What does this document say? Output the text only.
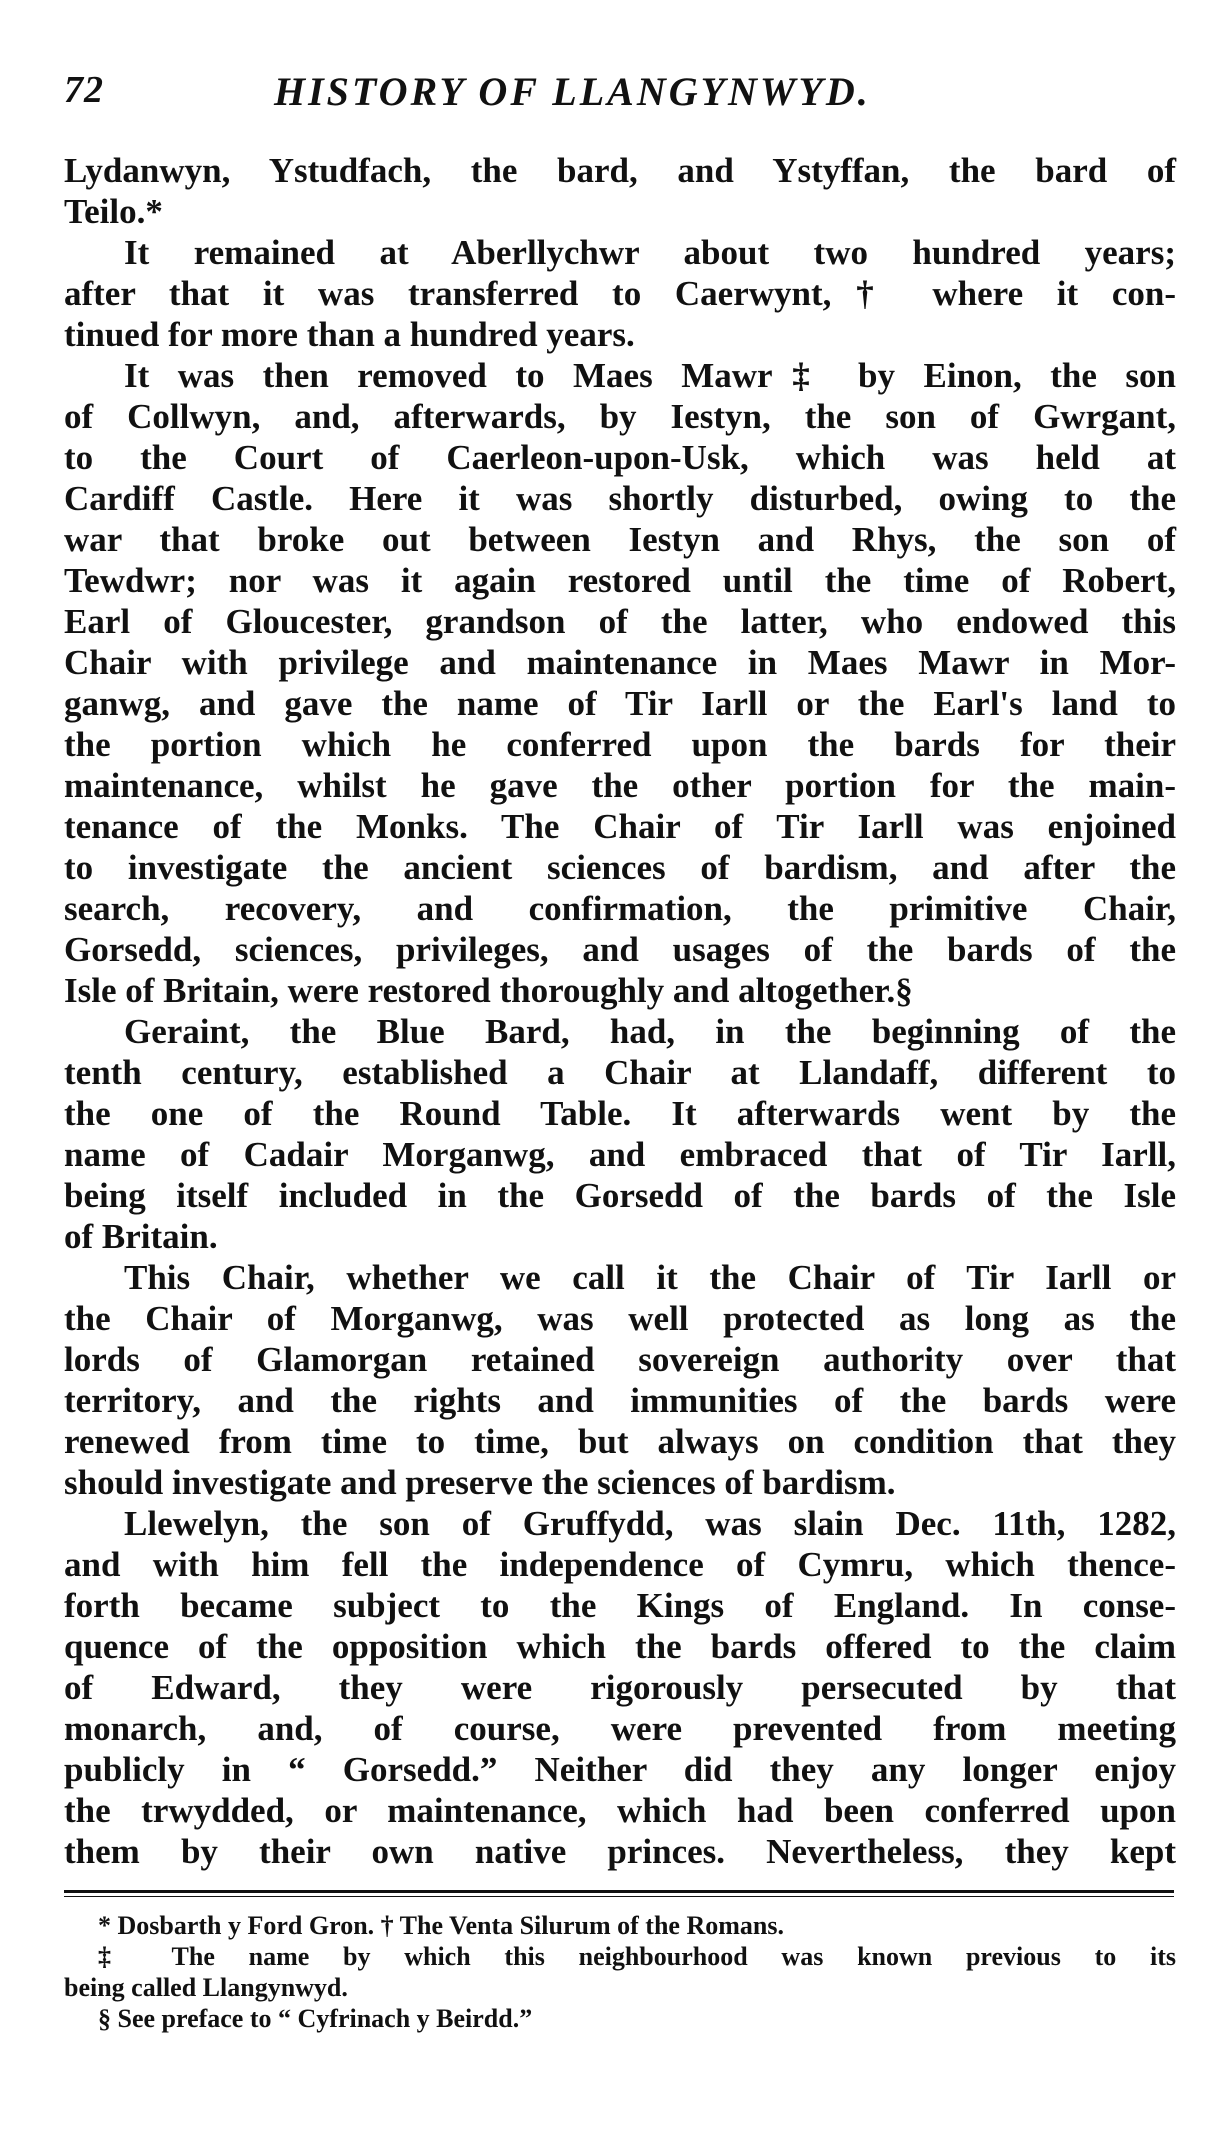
72	HISTORY OF LLANGYNWYD.
Lydanwyn, Ystudfach, the bard, and Ystyffan, the bard of
Teilo.*
It remained at Aberllychwr about two hundred years;
after that it was transferred to Caerwynt,† where it con-
tinued for more than a hundred years.
It was then removed to Maes Mawr‡ by Einon, the son
of Collwyn, and, afterwards, by Iestyn, the son of Gwrgant,
to the Court of Caerleon-upon-Usk, which was held at
Cardiff Castle. Here it was shortly disturbed, owing to the
war that broke out between Iestyn and Rhys, the son of
Tewdwr; nor was it again restored until the time of Robert,
Earl of Gloucester, grandson of the latter, who endowed this
Chair with privilege and maintenance in Maes Mawr in Mor-
ganwg, and gave the name of Tir Iarll or the Earl's land to
the portion which he conferred upon the bards for their
maintenance, whilst he gave the other portion for the main-
tenance of the Monks. The Chair of Tir Iarll was enjoined
to investigate the ancient sciences of bardism, and after the
search, recovery, and confirmation, the primitive Chair,
Gorsedd, sciences, privileges, and usages of the bards of the
Isle of Britain, were restored thoroughly and altogether.§
Geraint, the Blue Bard, had, in the beginning of the
tenth century, established a Chair at Llandaff, different to
the one of the Round Table. It afterwards went by the
name of Cadair Morganwg, and embraced that of Tir Iarll,
being itself included in the Gorsedd of the bards of the Isle
of Britain.
This Chair, whether we call it the Chair of Tir Iarll or
the Chair of Morganwg, was well protected as long as the
lords of Glamorgan retained sovereign authority over that
territory, and the rights and immunities of the bards were
renewed from time to time, but always on condition that they
should investigate and preserve the sciences of bardism.
Llewelyn, the son of Gruffydd, was slain Dec. 11th, 1282,
and with him fell the independence of Cymru, which thence-
forth became subject to the Kings of England. In conse-
quence of the opposition which the bards offered to the claim
of Edward, they were rigorously persecuted by that
monarch, and, of course, were prevented from meeting
publicly in “ Gorsedd.” Neither did they any longer enjoy
the trwydded, or maintenance, which had been conferred upon
them by their own native princes. Nevertheless, they kept
* Dosbarth y Ford Gron. † The Venta Silurum of the Romans.
‡ The name by which this neighbourhood was known previous to its
being called Llangynwyd.
§ See preface to “ Cyfrinach y Beirdd.”
